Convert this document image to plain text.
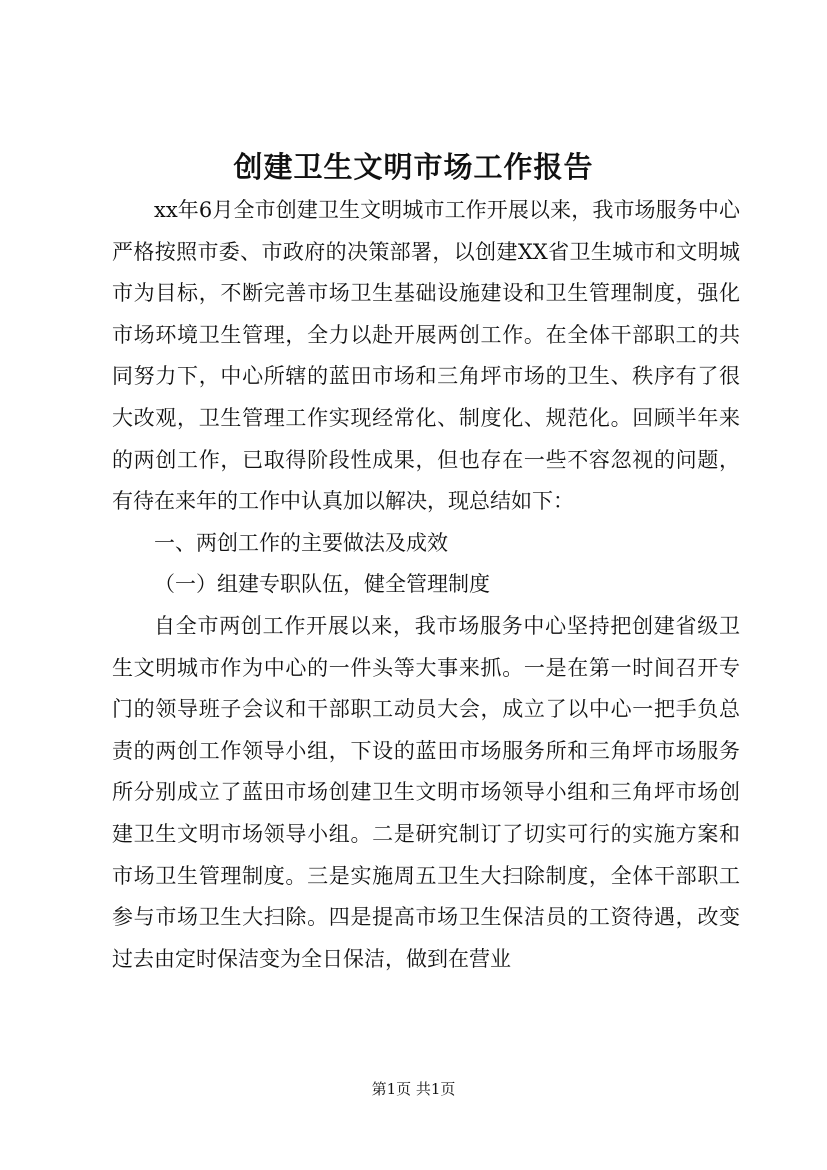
创建卫生文明市场工作报告

xx年6月全市创建卫生文明城市工作开展以来，我市场服务中心严格按照市委、市政府的决策部署，以创建XX省卫生城市和文明城市为目标，不断完善市场卫生基础设施建设和卫生管理制度，强化市场环境卫生管理，全力以赴开展两创工作。在全体干部职工的共同努力下，中心所辖的蓝田市场和三角坪市场的卫生、秩序有了很大改观，卫生管理工作实现经常化、制度化、规范化。回顾半年来的两创工作，已取得阶段性成果，但也存在一些不容忽视的问题，有待在来年的工作中认真加以解决，现总结如下：

一、两创工作的主要做法及成效

（一）组建专职队伍，健全管理制度

自全市两创工作开展以来，我市场服务中心坚持把创建省级卫生文明城市作为中心的一件头等大事来抓。一是在第一时间召开专门的领导班子会议和干部职工动员大会，成立了以中心一把手负总责的两创工作领导小组，下设的蓝田市场服务所和三角坪市场服务所分别成立了蓝田市场创建卫生文明市场领导小组和三角坪市场创建卫生文明市场领导小组。二是研究制订了切实可行的实施方案和市场卫生管理制度。三是实施周五卫生大扫除制度，全体干部职工参与市场卫生大扫除。四是提高市场卫生保洁员的工资待遇，改变过去由定时保洁变为全日保洁，做到在营业

第1页 共1页
